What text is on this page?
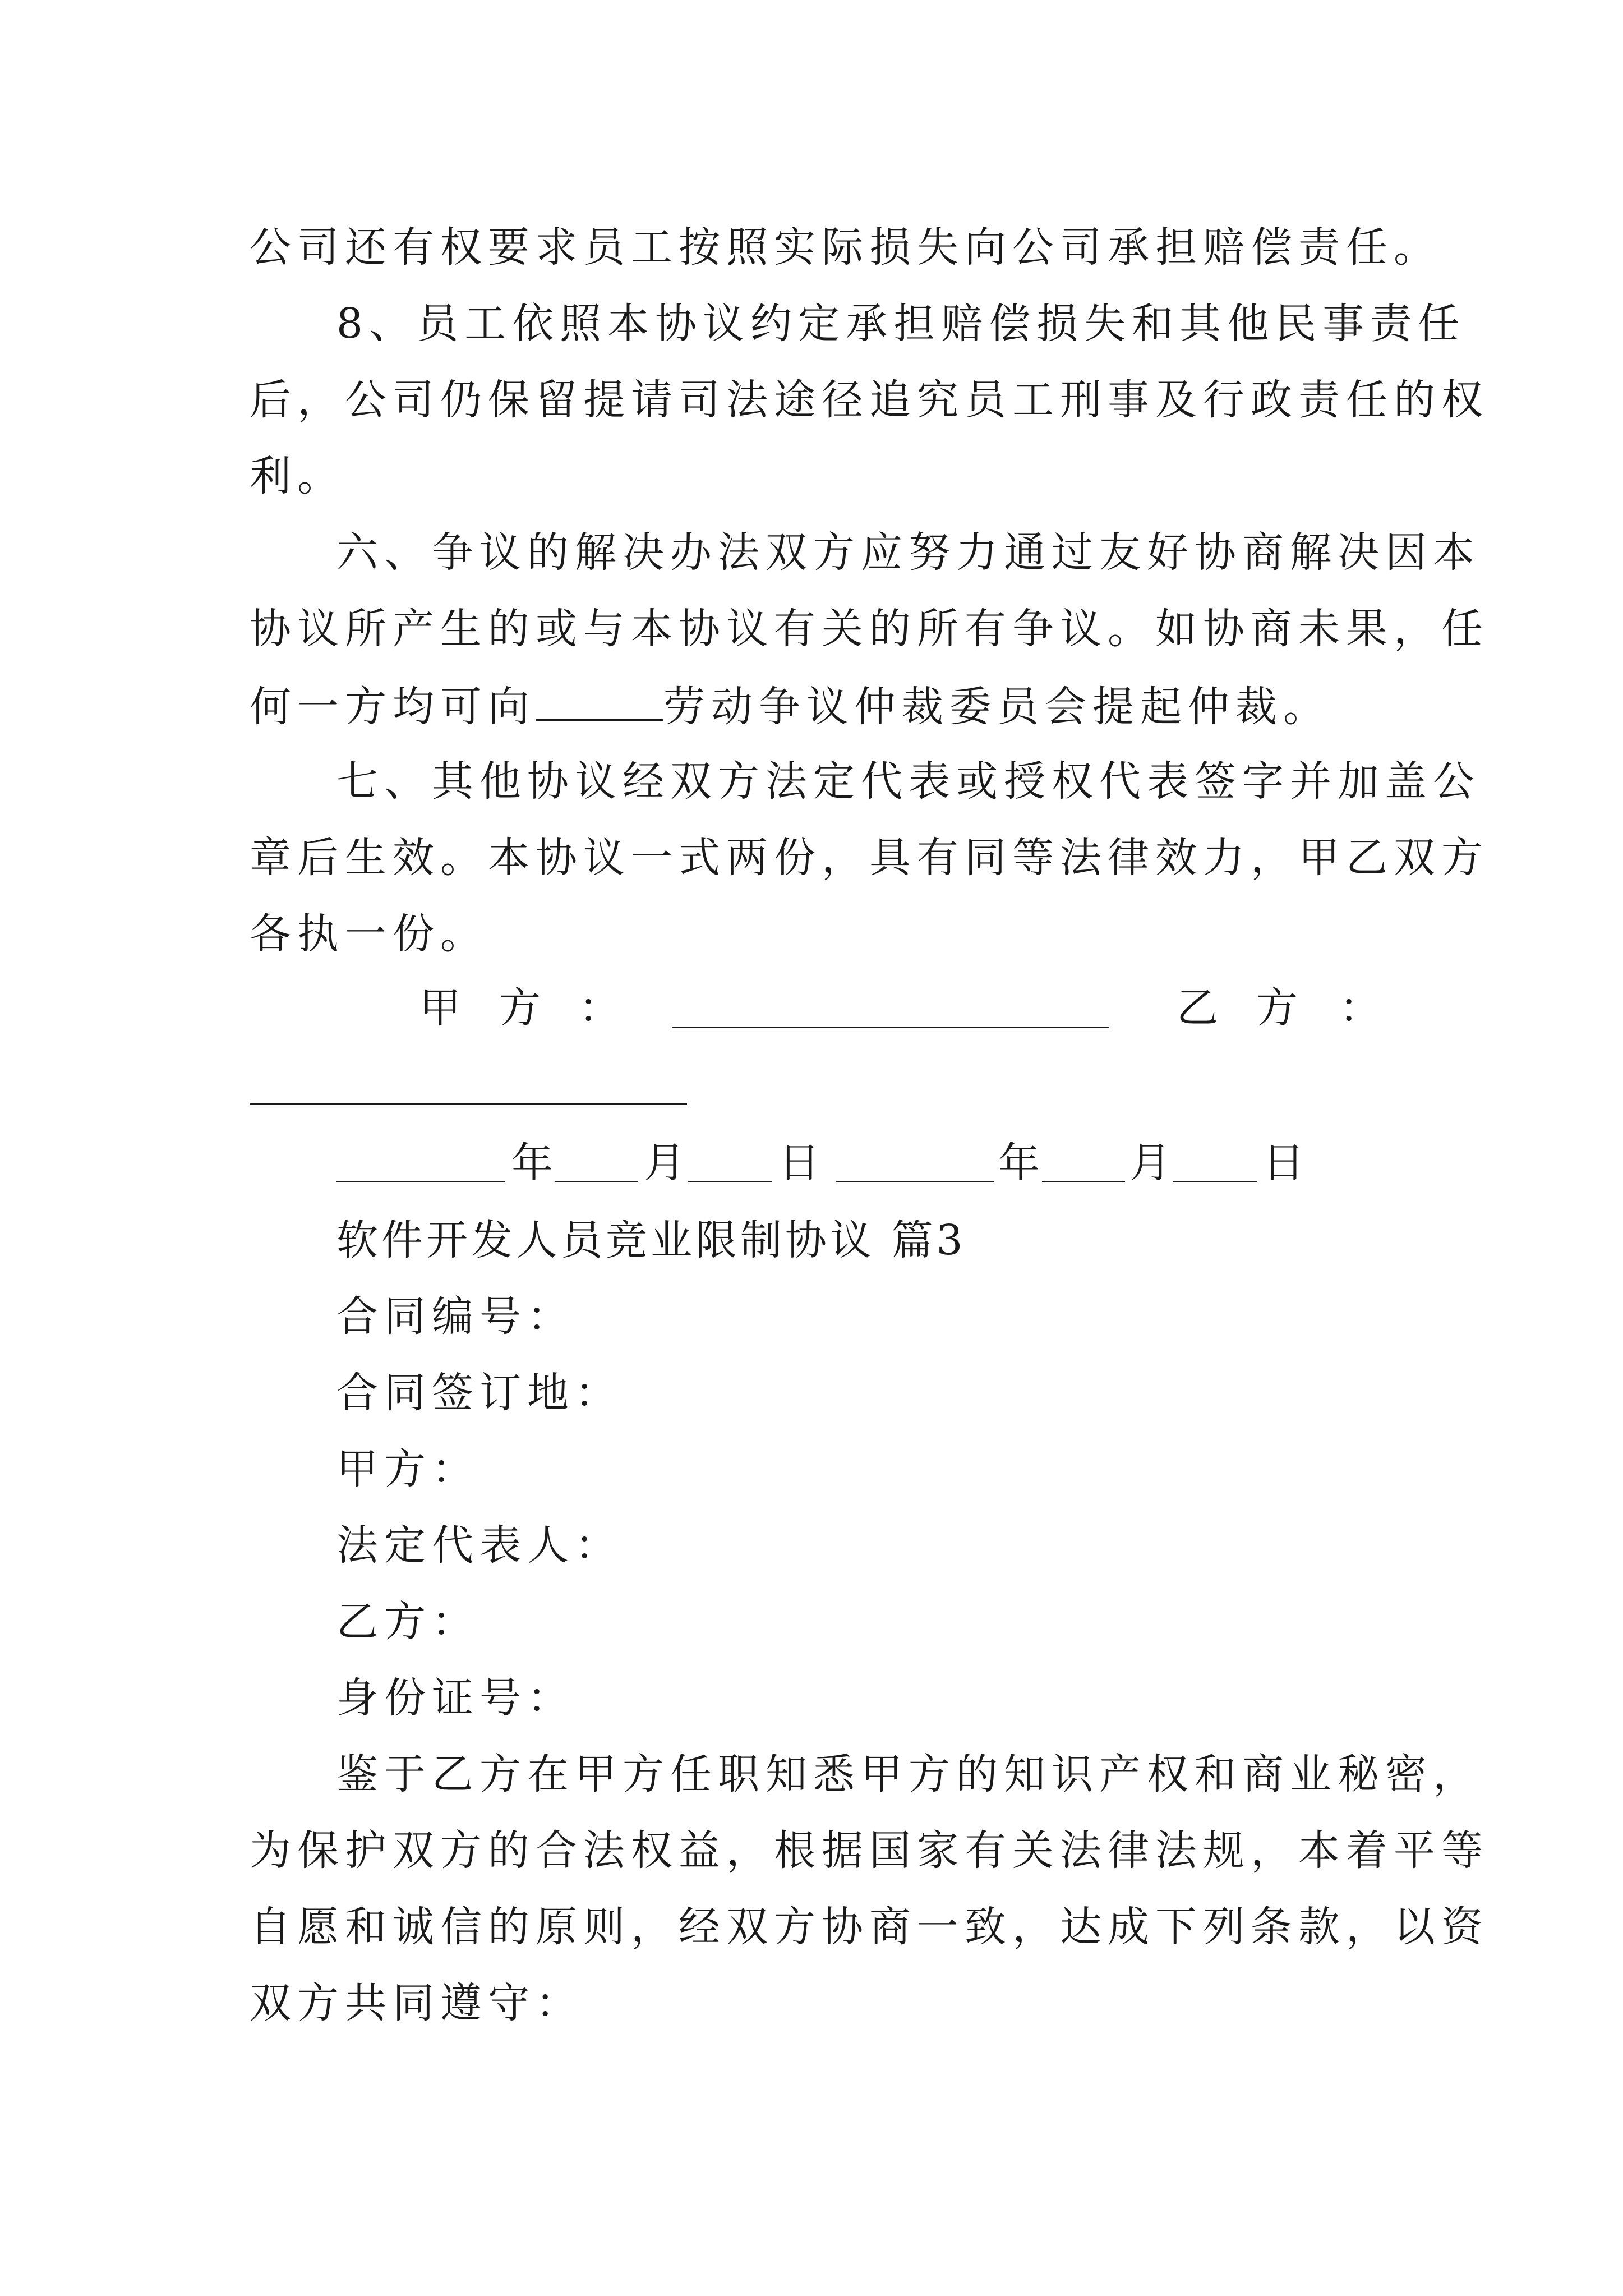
公司还有权要求员工按照实际损失向公司承担赔偿责任。
8、员工依照本协议约定承担赔偿损失和其他民事责任
后，公司仍保留提请司法途径追究员工刑事及行政责任的权
利。
六、争议的解决办法双方应努力通过友好协商解决因本
协议所产生的或与本协议有关的所有争议。如协商未果，任
何一方均可向	劳动争议仲裁委员会提起仲裁。
七、其他协议经双方法定代表或授权代表签字并加盖公
章后生效。本协议一式两份，具有同等法律效力，甲乙双方
各执一份。
甲 方 ：	乙 方 ：
年 月 日	年 月 日
软件开发人员竞业限制协议 篇3
合同编号：
合同签订地：
甲方：
法定代表人：
乙方：
身份证号：
鉴于乙方在甲方任职知悉甲方的知识产权和商业秘密，
为保护双方的合法权益，根据国家有关法律法规，本着平等
自愿和诚信的原则，经双方协商一致，达成下列条款，以资
双方共同遵守：
